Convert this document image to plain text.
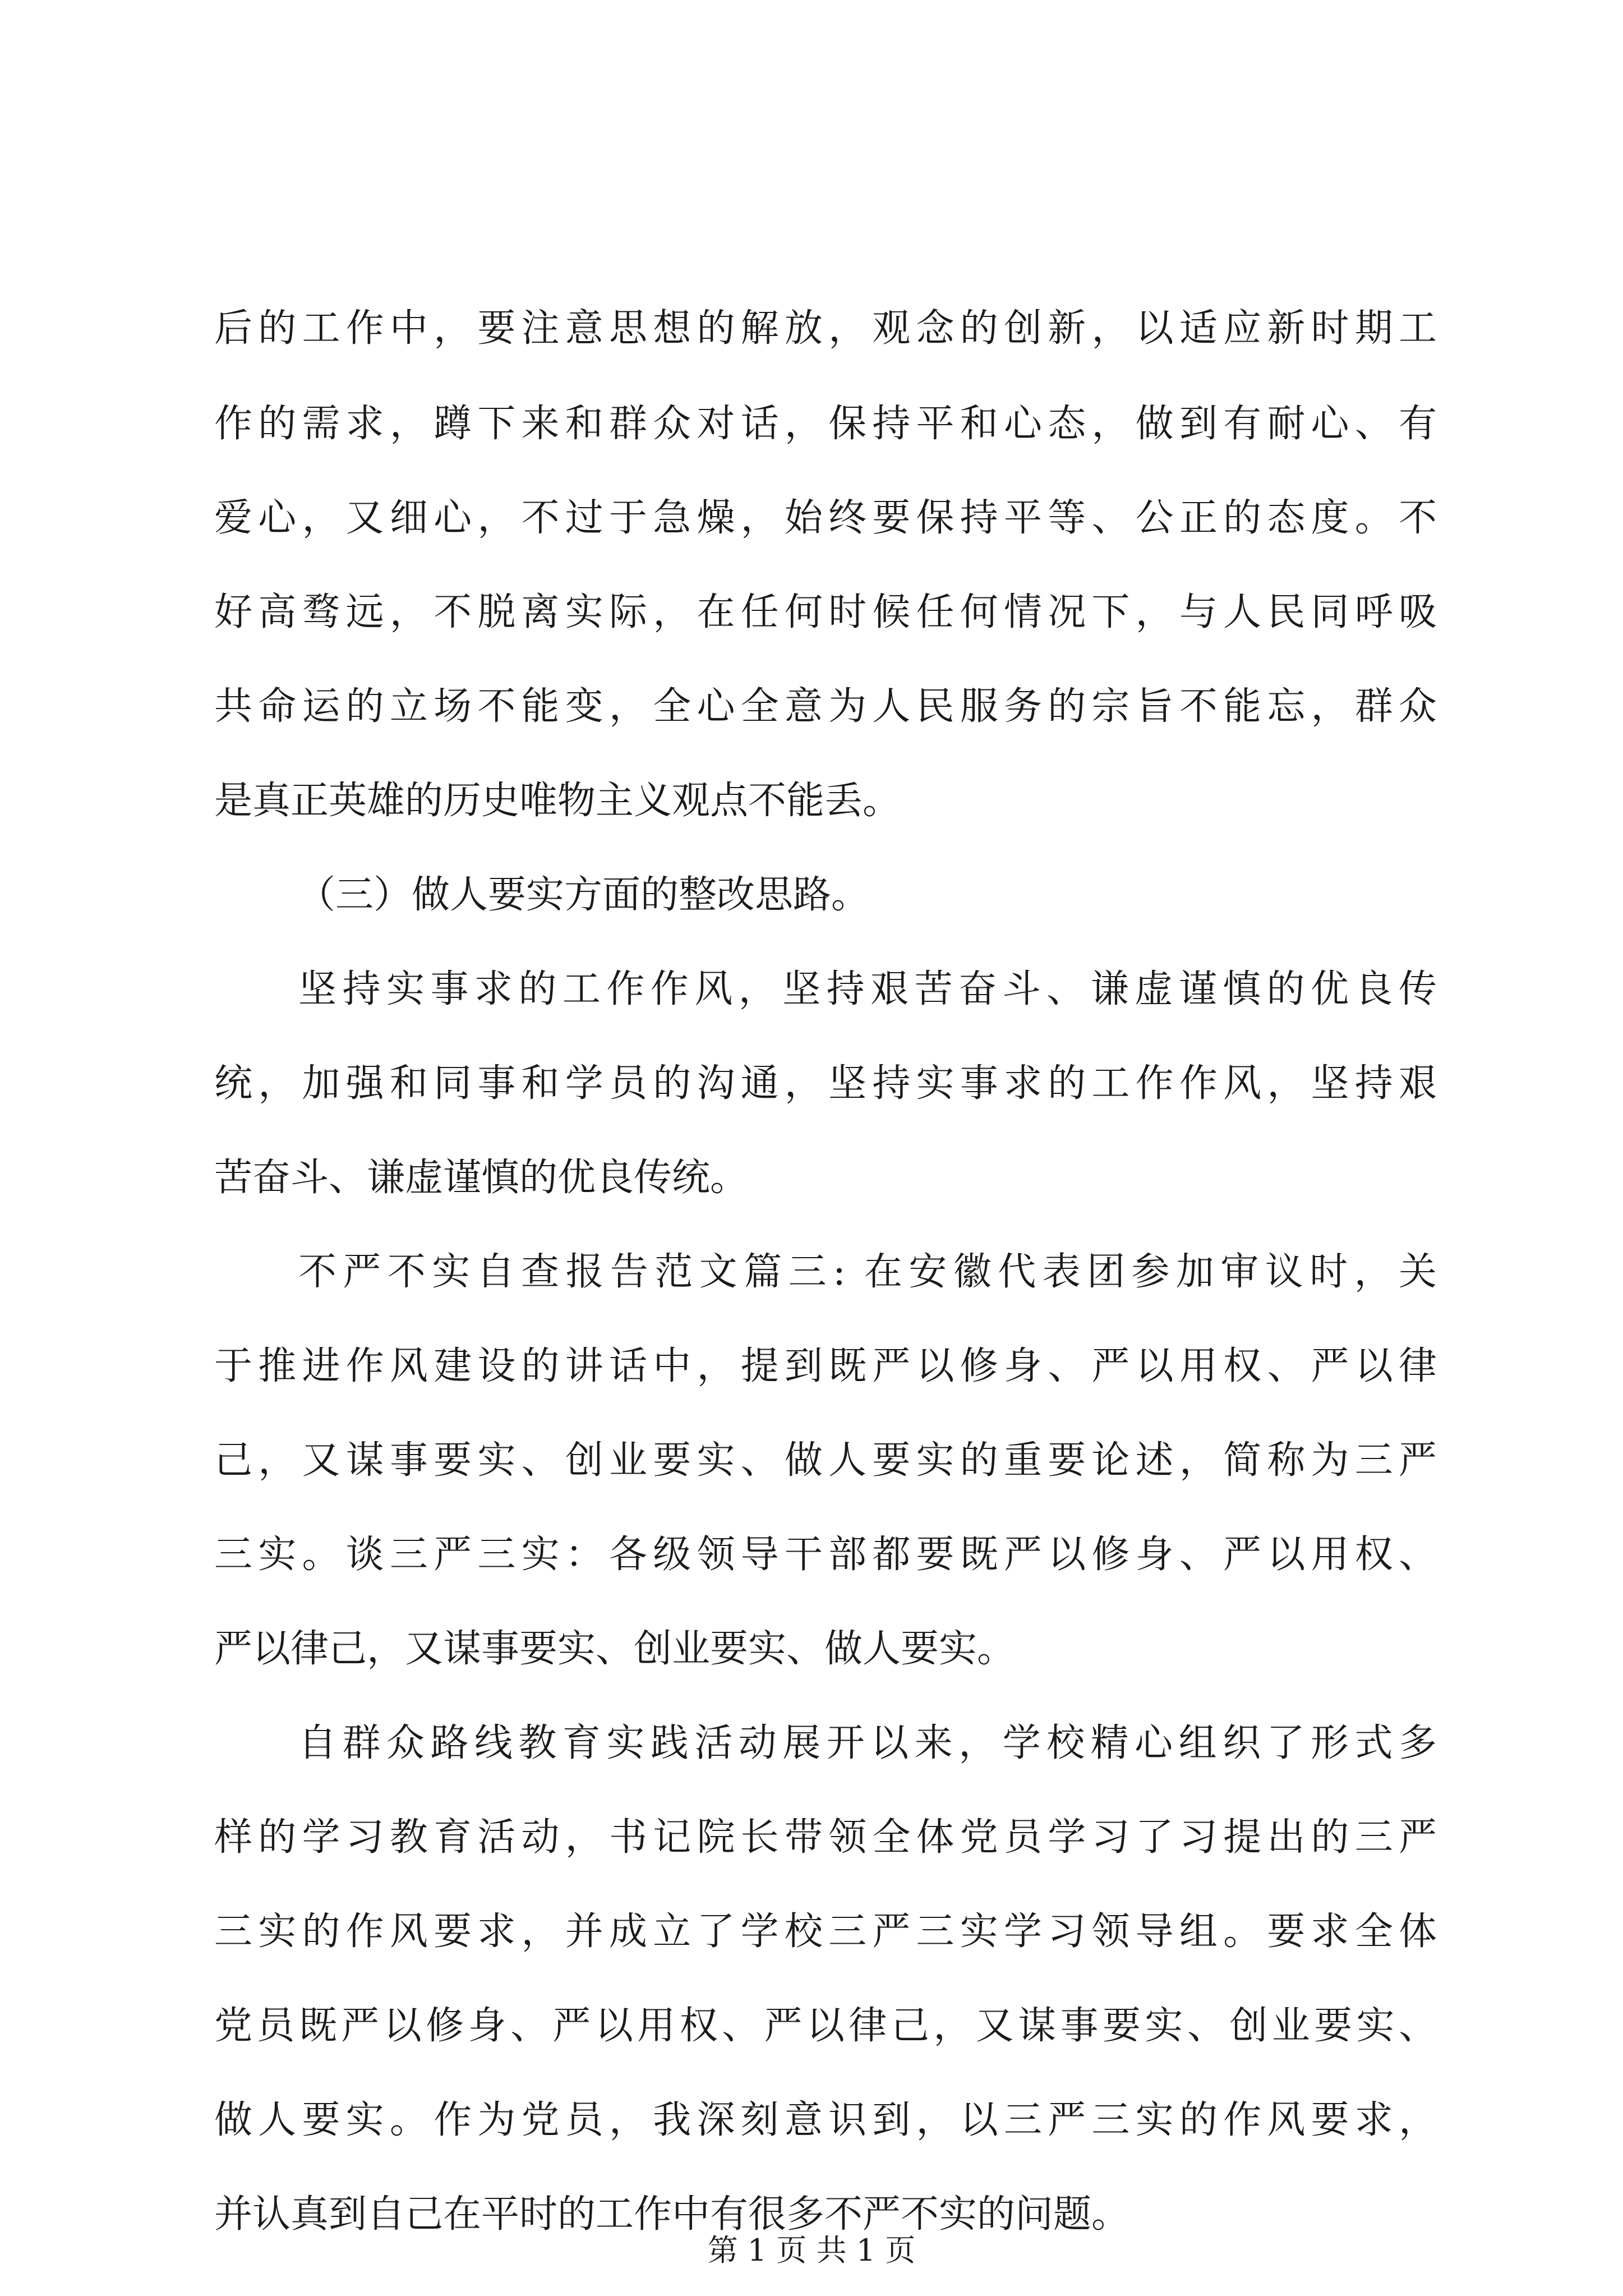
后的工作中，要注意思想的解放，观念的创新，以适应新时期工
作的需求，蹲下来和群众对话，保持平和心态，做到有耐心、有
爱心，又细心，不过于急燥，始终要保持平等、公正的态度。不
好高骛远，不脱离实际，在任何时候任何情况下，与人民同呼吸
共命运的立场不能变，全心全意为人民服务的宗旨不能忘，群众
是真正英雄的历史唯物主义观点不能丢。
（三）做人要实方面的整改思路。
坚持实事求的工作作风，坚持艰苦奋斗、谦虚谨慎的优良传
统，加强和同事和学员的沟通，坚持实事求的工作作风，坚持艰
苦奋斗、谦虚谨慎的优良传统。
不严不实自查报告范文篇三: 在安徽代表团参加审议时，关
于推进作风建设的讲话中，提到既严以修身、严以用权、严以律
己，又谋事要实、创业要实、做人要实的重要论述，简称为三严
三实。谈三严三实：各级领导干部都要既严以修身、严以用权、
严以律己，又谋事要实、创业要实、做人要实。
自群众路线教育实践活动展开以来，学校精心组织了形式多
样的学习教育活动，书记院长带领全体党员学习了习提出的三严
三实的作风要求，并成立了学校三严三实学习领导组。要求全体
党员既严以修身、严以用权、严以律己，又谋事要实、创业要实、
做人要实。作为党员，我深刻意识到，以三严三实的作风要求，
并认真到自己在平时的工作中有很多不严不实的问题。
第 1 页 共 1 页
